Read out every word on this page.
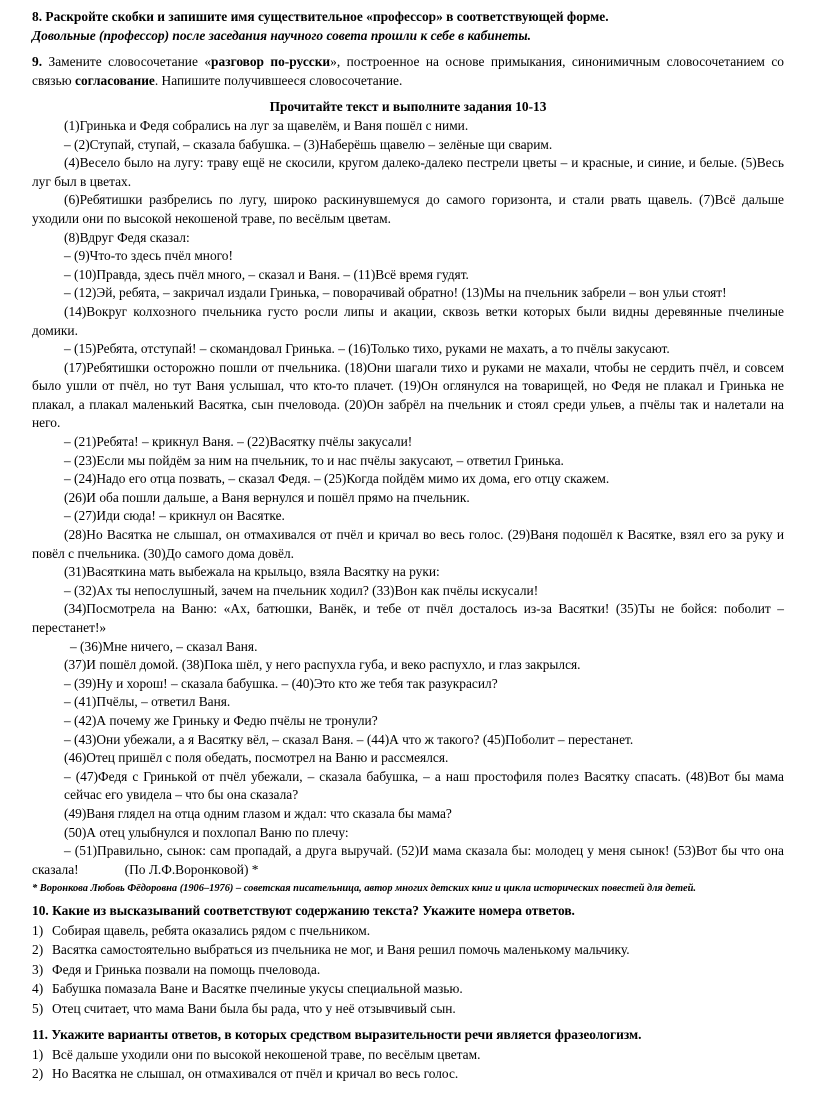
8. Раскройте скобки и запишите имя существительное «профессор» в соответствующей форме.

Довольные (профессор) после заседания научного совета прошли к себе в кабинеты.

9. Замените словосочетание «разговор по-русски», построенное на основе примыкания, синонимичным словосочетанием со связью согласование. Напишите получившееся словосочетание.

Прочитайте текст и выполните задания 10-13

(1)Гринька и Федя собрались на луг за щавелём, и Ваня пошёл с ними.

– (2)Ступай, ступай, – сказала бабушка. – (3)Наберёшь щавелю – зелёные щи сварим.

(4)Весело было на лугу: траву ещё не скосили, кругом далеко-далеко пестрели цветы – и красные, и синие, и белые. (5)Весь луг был в цветах.

(6)Ребятишки разбрелись по лугу, широко раскинувшемуся до самого горизонта, и стали рвать щавель. (7)Всё дальше уходили они по высокой некошеной траве, по весёлым цветам.

(8)Вдруг Федя сказал:

– (9)Что-то здесь пчёл много!

– (10)Правда, здесь пчёл много, – сказал и Ваня. – (11)Всё время гудят.

– (12)Эй, ребята, – закричал издали Гринька, – поворачивай обратно! (13)Мы на пчельник забрели – вон ульи стоят!

(14)Вокруг колхозного пчельника густо росли липы и акации, сквозь ветки которых были видны деревянные пчелиные домики.

– (15)Ребята, отступай! – скомандовал Гринька. – (16)Только тихо, руками не махать, а то пчёлы закусают.

(17)Ребятишки осторожно пошли от пчельника. (18)Они шагали тихо и руками не махали, чтобы не сердить пчёл, и совсем было ушли от пчёл, но тут Ваня услышал, что кто-то плачет. (19)Он оглянулся на товарищей, но Федя не плакал и Гринька не плакал, а плакал маленький Васятка, сын пчеловода. (20)Он забрёл на пчельник и стоял среди ульев, а пчёлы так и налетали на него.

– (21)Ребята! – крикнул Ваня. – (22)Васятку пчёлы закусали!

– (23)Если мы пойдём за ним на пчельник, то и нас пчёлы закусают, – ответил Гринька.

– (24)Надо его отца позвать, – сказал Федя. – (25)Когда пойдём мимо их дома, его отцу скажем.

(26)И оба пошли дальше, а Ваня вернулся и пошёл прямо на пчельник.

– (27)Иди сюда! – крикнул он Васятке.

(28)Но Васятка не слышал, он отмахивался от пчёл и кричал во весь голос. (29)Ваня подошёл к Васятке, взял его за руку и повёл с пчельника. (30)До самого дома довёл.

(31)Васяткина мать выбежала на крыльцо, взяла Васятку на руки:

– (32)Ах ты непослушный, зачем на пчельник ходил? (33)Вон как пчёлы искусали!

(34)Посмотрела на Ваню: «Ах, батюшки, Ванёк, и тебе от пчёл досталось из-за Васятки! (35)Ты не бойся: поболит – перестанет!»

– (36)Мне ничего, – сказал Ваня.

(37)И пошёл домой. (38)Пока шёл, у него распухла губа, и веко распухло, и глаз закрылся.

– (39)Ну и хорош! – сказала бабушка. – (40)Это кто же тебя так разукрасил?

– (41)Пчёлы, – ответил Ваня.

– (42)А почему же Гриньку и Федю пчёлы не тронули?

– (43)Они убежали, а я Васятку вёл, – сказал Ваня. – (44)А что ж такого? (45)Поболит – перестанет.

(46)Отец пришёл с поля обедать, посмотрел на Ваню и рассмеялся.

– (47)Федя с Гринькой от пчёл убежали, – сказала бабушка, – а наш простофиля полез Васятку спасать. (48)Вот бы мама сейчас его увидела – что бы она сказала?

(49)Ваня глядел на отца одним глазом и ждал: что сказала бы мама?

(50)А отец улыбнулся и похлопал Ваню по плечу:

– (51)Правильно, сынок: сам пропадай, а друга выручай. (52)И мама сказала бы: молодец у меня сынок! (53)Вот бы что она сказала!	(По Л.Ф.Воронковой) *

* Воронкова Любовь Фёдоровна (1906–1976) – советская писательница, автор многих детских книг и цикла исторических повестей для детей.

10. Какие из высказываний соответствуют содержанию текста? Укажите номера ответов.

1) Собирая щавель, ребята оказались рядом с пчельником.
2) Васятка самостоятельно выбраться из пчельника не мог, и Ваня решил помочь маленькому мальчику.
3) Федя и Гринька позвали на помощь пчеловода.
4) Бабушка помазала Ване и Васятке пчелиные укусы специальной мазью.
5) Отец считает, что мама Вани была бы рада, что у неё отзывчивый сын.

11. Укажите варианты ответов, в которых средством выразительности речи является фразеологизм.

1) Всё дальше уходили они по высокой некошеной траве, по весёлым цветам.
2) Но Васятка не слышал, он отмахивался от пчёл и кричал во весь голос.
